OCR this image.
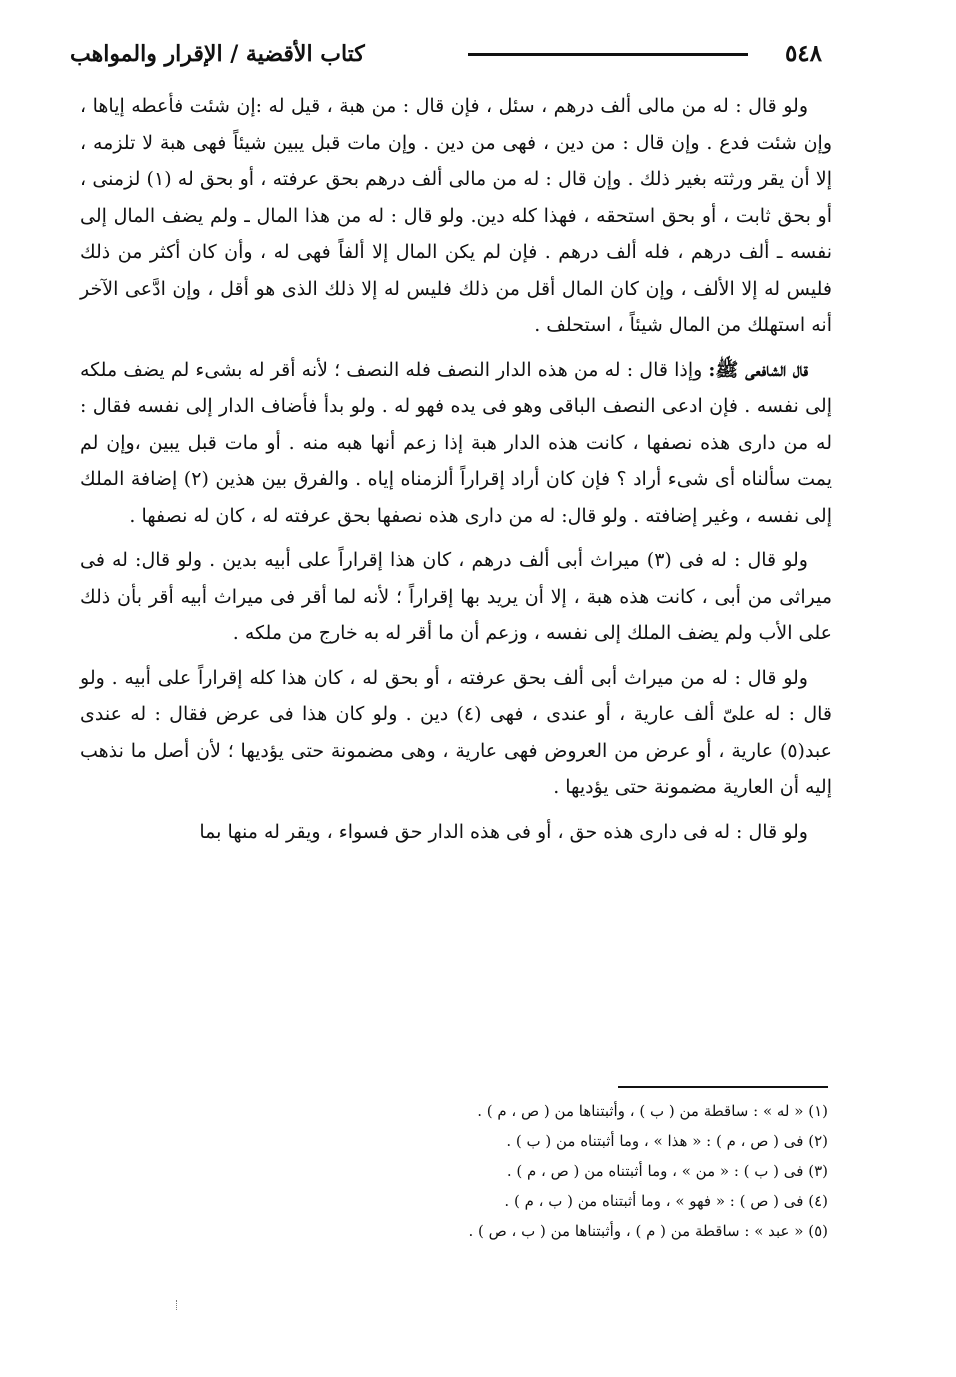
٥٤٨
كتاب الأقضية / الإقرار والمواهب

ولو قال : له من مالى ألف درهم ، سئل ، فإن قال : من هبة ، قيل له :إن شئت فأعطه إياها ، وإن شئت فدع . وإن قال : من دين ، فهى من دين . وإن مات قبل يبين شيئاً فهى هبة لا تلزمه ، إلا أن يقر ورثته بغير ذلك . وإن قال : له من مالى ألف درهم بحق عرفته ، أو بحق له (١) لزمنى ، أو بحق ثابت ، أو بحق استحقه ، فهذا كله دين. ولو قال : له من هذا المال ـ ولم يضف المال إلى نفسه ـ ألف درهم ، فله ألف درهم . فإن لم يكن المال إلا ألفاً فهى له ، وأن كان أكثر من ذلك فليس له إلا الألف ، وإن كان المال أقل من ذلك فليس له إلا ذلك الذى هو أقل ، وإن ادَّعى الآخر أنه استهلك من المال شيئاً ، استحلف .

قال الشافعى ﷺ: وإذا قال : له من هذه الدار النصف فله النصف ؛ لأنه أقر له بشىء لم يضف ملكه إلى نفسه . فإن ادعى النصف الباقى وهو فى يده فهو له . ولو بدأ فأضاف الدار إلى نفسه فقال : له من دارى هذه نصفها ، كانت هذه الدار هبة إذا زعم أنها هبه منه . أو مات قبل يبين ،وإن لم يمت سألناه أى شىء أراد ؟ فإن كان أراد إقراراً ألزمناه إياه . والفرق بين هذين (٢) إضافة الملك إلى نفسه ، وغير إضافته . ولو قال: له من دارى هذه نصفها بحق عرفته له ، كان له نصفها .

ولو قال : له فى (٣) ميراث أبى ألف درهم ، كان هذا إقراراً على أبيه بدين . ولو قال: له فى ميراثى من أبى ، كانت هذه هبة ، إلا أن يريد بها إقراراً ؛ لأنه لما أقر فى ميراث أبيه أقر بأن ذلك على الأب ولم يضف الملك إلى نفسه ، وزعم أن ما أقر له به خارج من ملكه .

ولو قال : له من ميراث أبى ألف بحق عرفته ، أو بحق له ، كان هذا كله إقراراً على أبيه . ولو قال : له علىّ ألف عارية ، أو عندى ، فهى (٤) دين . ولو كان هذا فى عرض فقال : له عندى عبد(٥) عارية ، أو عرض من العروض فهى عارية ، وهى مضمونة حتى يؤديها ؛ لأن أصل ما نذهب إليه أن العارية مضمونة حتى يؤديها .

ولو قال : له فى دارى هذه حق ، أو فى هذه الدار حق فسواء ، ويقر له منها بما

(١) « له » : ساقطة من ( ب ) ، وأثبتناها من ( ص ، م ) .
(٢) فى ( ص ، م ) : « هذا » ، وما أثبتناه من ( ب ) .
(٣) فى ( ب ) : « من » ، وما أثبتناه من ( ص ، م ) .
(٤) فى ( ص ) : « فهو » ، وما أثبتناه من ( ب ، م ) .
(٥) « عبد » : ساقطة من ( م ) ، وأثبتناها من ( ب ، ص ) .
